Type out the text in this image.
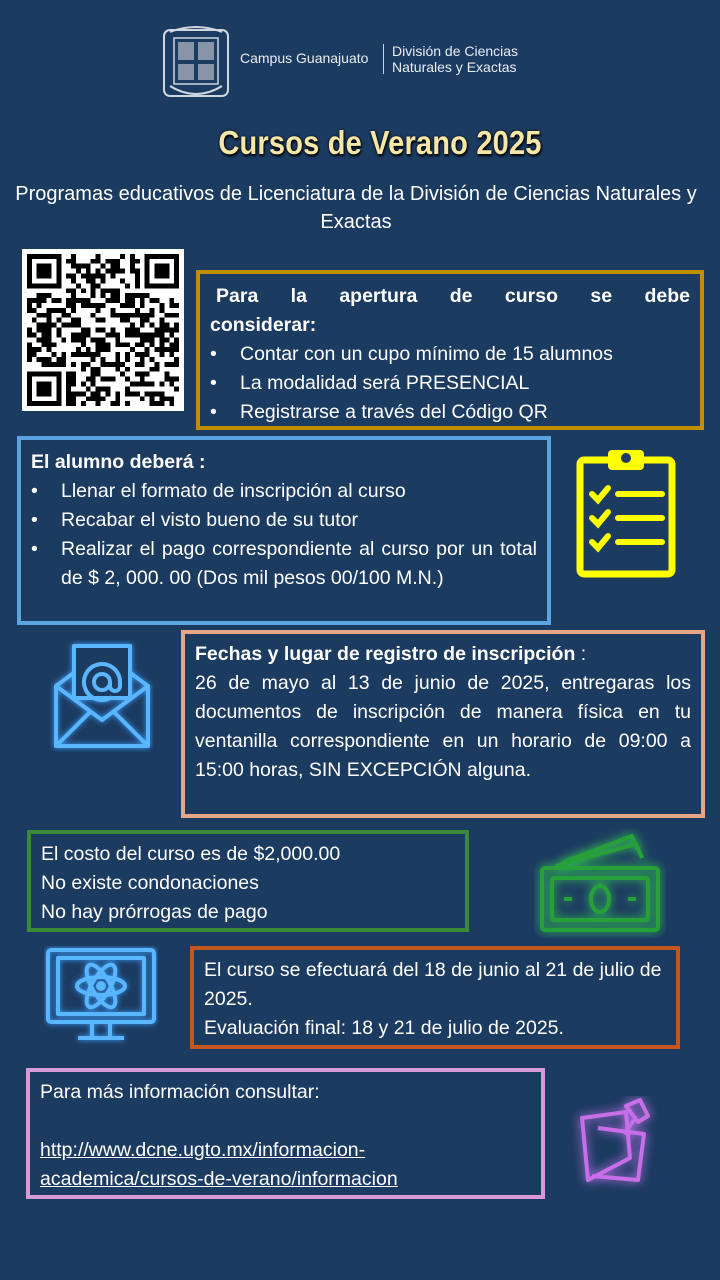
Campus Guanajuato División de Ciencias
Naturales y Exactas
Cursos de Verano 2025
Programas educativos de Licenciatura de la División de Ciencias Naturales y Exactas
Para la apertura de curso se debe
considerar:
• Contar con un cupo mínimo de 15 alumnos
• La modalidad será PRESENCIAL
• Registrarse a través del Código QR
El alumno deberá :
• Llenar el formato de inscripción al curso
• Recabar el visto bueno de su tutor
• Realizar el pago correspondiente al curso por un total de $ 2, 000. 00 (Dos mil pesos 00/100 M.N.)
Fechas y lugar de registro de inscripción :
26 de mayo al 13 de junio de 2025, entregaras los documentos de inscripción de manera física en tu ventanilla correspondiente en un horario de 09:00 a 15:00 horas, SIN EXCEPCIÓN alguna.
El costo del curso es de $2,000.00
No existe condonaciones
No hay prórrogas de pago
El curso se efectuará del 18 de junio al 21 de julio de 2025.
Evaluación final: 18 y 21 de julio de 2025.
Para más información consultar:
http://www.dcne.ugto.mx/informacion-
academica/cursos-de-verano/informacion
